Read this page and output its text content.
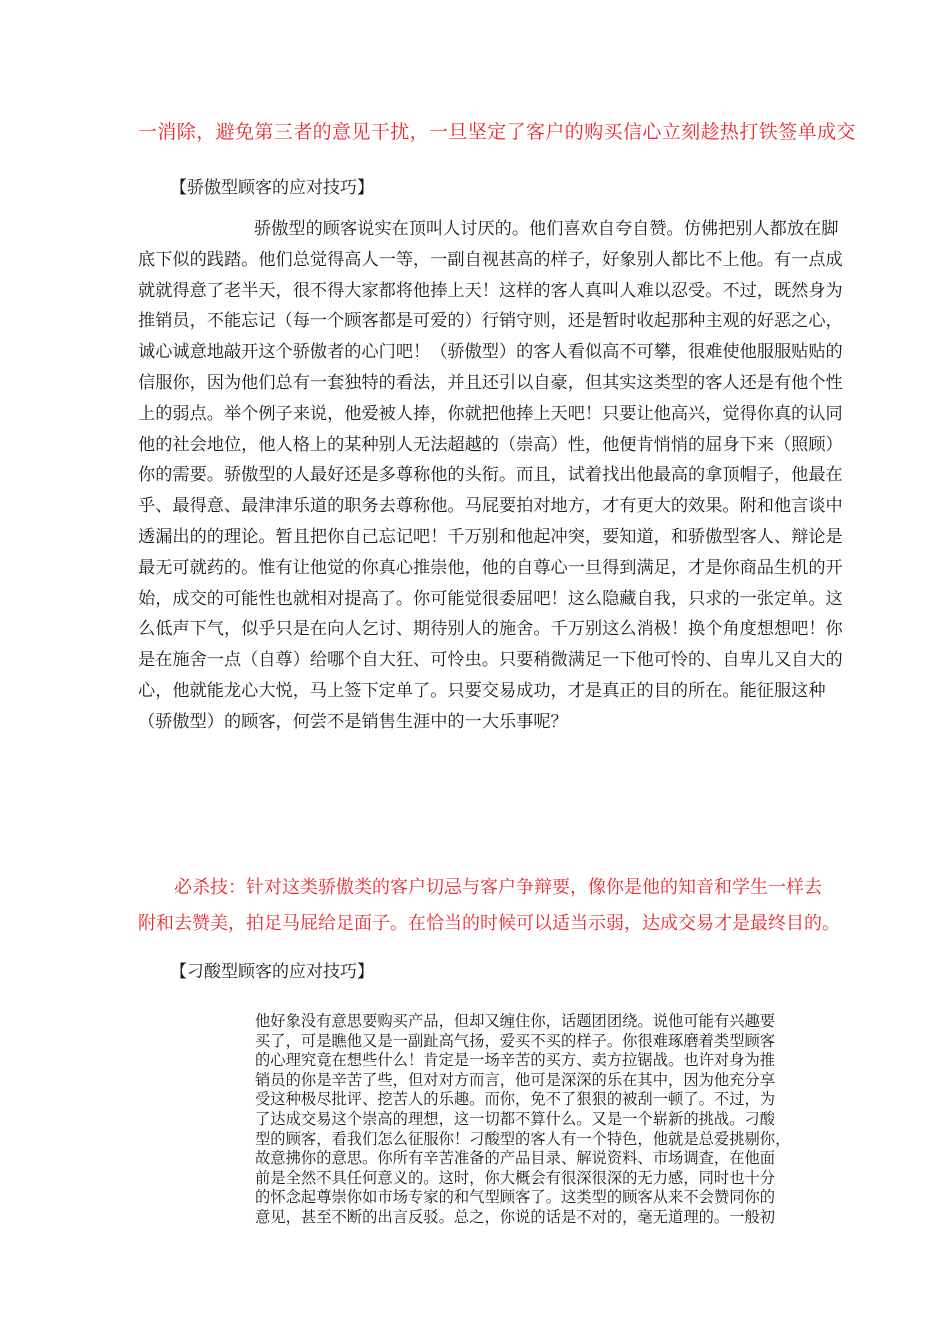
一消除，避免第三者的意见干扰，一旦坚定了客户的购买信心立刻趁热打铁签单成交
【骄傲型顾客的应对技巧】
骄傲型的顾客说实在顶叫人讨厌的。他们喜欢自夸自赞。仿佛把别人都放在脚
底下似的践踏。他们总觉得高人一等，一副自视甚高的样子，好象别人都比不上他。有一点成
就就得意了老半天，很不得大家都将他捧上天！这样的客人真叫人难以忍受。不过，既然身为
推销员，不能忘记（每一个顾客都是可爱的）行销守则，还是暂时收起那种主观的好恶之心，
诚心诚意地敲开这个骄傲者的心门吧！（骄傲型）的客人看似高不可攀，很难使他服服贴贴的
信服你，因为他们总有一套独特的看法，并且还引以自豪，但其实这类型的客人还是有他个性
上的弱点。举个例子来说，他爱被人捧，你就把他捧上天吧！只要让他高兴，觉得你真的认同
他的社会地位，他人格上的某种别人无法超越的（崇高）性，他便肯悄悄的屈身下来（照顾）
你的需要。骄傲型的人最好还是多尊称他的头衔。而且，试着找出他最高的拿顶帽子，他最在
乎、最得意、最津津乐道的职务去尊称他。马屁要拍对地方，才有更大的效果。附和他言谈中
透漏出的的理论。暂且把你自己忘记吧！千万别和他起冲突，要知道，和骄傲型客人、辩论是
最无可就药的。惟有让他觉的你真心推崇他，他的自尊心一旦得到满足，才是你商品生机的开
始，成交的可能性也就相对提高了。你可能觉很委屈吧！这么隐藏自我，只求的一张定单。这
么低声下气，似乎只是在向人乞讨、期待别人的施舍。千万别这么消极！换个角度想想吧！你
是在施舍一点（自尊）给哪个自大狂、可怜虫。只要稍微满足一下他可怜的、自卑儿又自大的
心，他就能龙心大悦，马上签下定单了。只要交易成功，才是真正的目的所在。能征服这种
（骄傲型）的顾客，何尝不是销售生涯中的一大乐事呢？
必杀技：针对这类骄傲类的客户切忌与客户争辩要，像你是他的知音和学生一样去
附和去赞美，拍足马屁给足面子。在恰当的时候可以适当示弱，达成交易才是最终目的。
【刁酸型顾客的应对技巧】
他好象没有意思要购买产品，但却又缠住你，话题团团绕。说他可能有兴趣要
买了，可是瞧他又是一副趾高气扬，爱买不买的样子。你很难琢磨着类型顾客
的心理究竟在想些什么！肯定是一场辛苦的买方、卖方拉锯战。也许对身为推
销员的你是辛苦了些，但对对方而言，他可是深深的乐在其中，因为他充分享
受这种极尽批评、挖苦人的乐趣。而你，免不了狠狠的被刮一顿了。不过，为
了达成交易这个崇高的理想，这一切都不算什么。又是一个崭新的挑战。刁酸
型的顾客，看我们怎么征服你！刁酸型的客人有一个特色，他就是总爱挑剔你，
故意拂你的意思。你所有辛苦准备的产品目录、解说资料、市场调查，在他面
前是全然不具任何意义的。这时，你大概会有很深很深的无力感，同时也十分
的怀念起尊崇你如市场专家的和气型顾客了。这类型的顾客从来不会赞同你的
意见，甚至不断的出言反驳。总之，你说的话是不对的，毫无道理的。一般初
